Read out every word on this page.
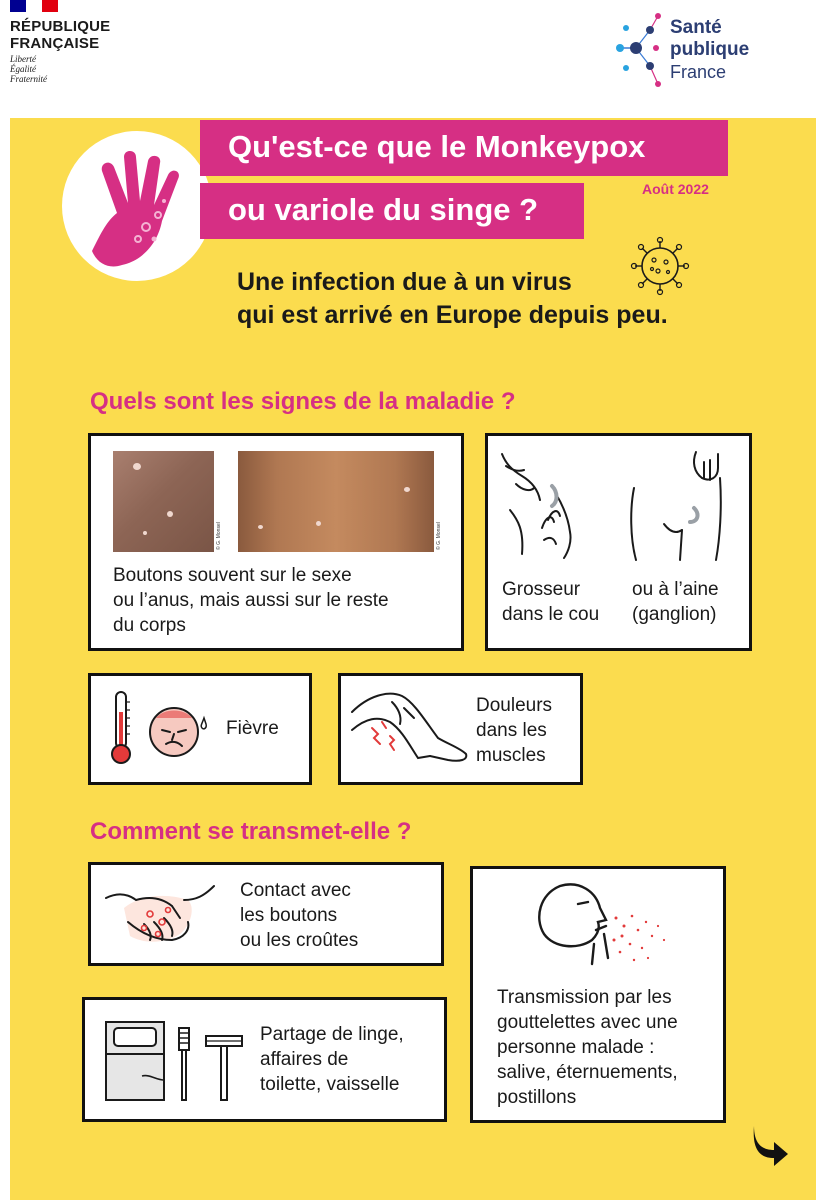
RÉPUBLIQUE
FRANÇAISE
Liberté
Égalité
Fraternité
Santé
publique
France
Qu'est-ce que le Monkeypox
ou variole du singe ?
Août 2022
Une infection due à un virus
qui est arrivé en Europe depuis peu.
Quels sont les signes de la maladie ?
© G. Monsel	© G. Monsel
Boutons souvent sur le sexe
ou l’anus, mais aussi sur le reste
du corps
Grosseur
dans le cou
ou à l’aine
(ganglion)
Fièvre
Douleurs
dans les
muscles
Comment se transmet-elle ?
Contact avec
les boutons
ou les croûtes
Partage de linge,
affaires de
toilette, vaisselle
Transmission par les
gouttelettes avec une
personne malade :
salive, éternuements,
postillons
